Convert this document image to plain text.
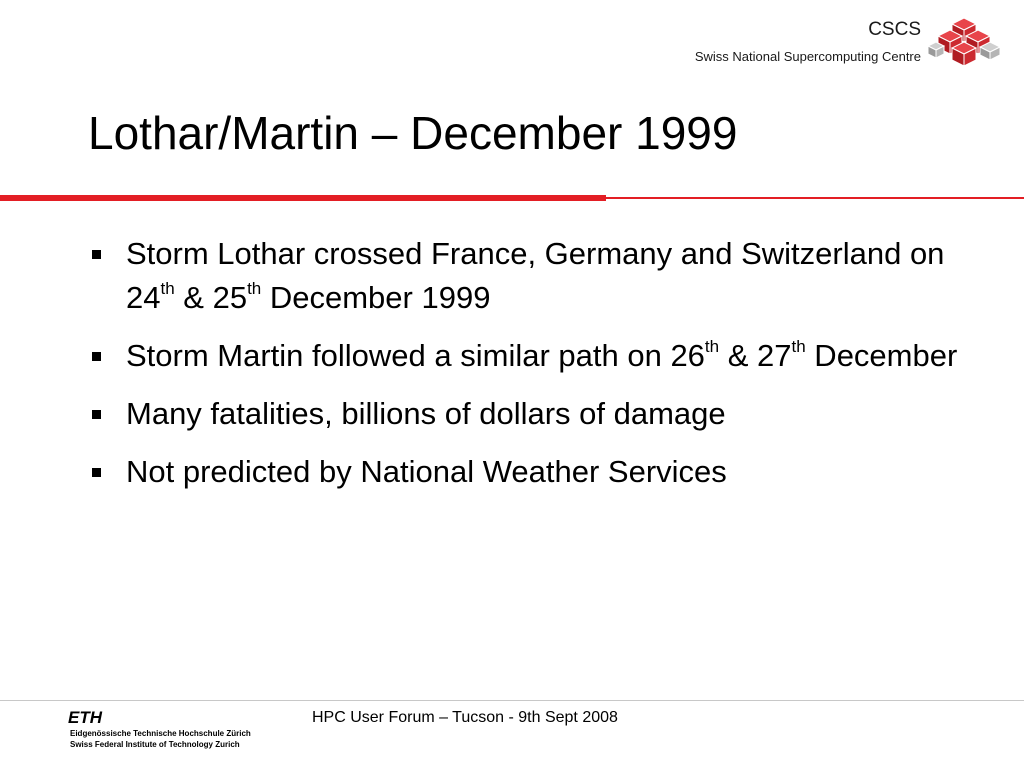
CSCS
Swiss National Supercomputing Centre
Lothar/Martin – December 1999
Storm Lothar crossed France, Germany and Switzerland on 24th & 25th December 1999
Storm Martin followed a similar path on 26th & 27th December
Many fatalities, billions of dollars of damage
Not predicted by National Weather Services
ETH
Eidgenössische Technische Hochschule Zürich
Swiss Federal Institute of Technology Zurich
HPC User Forum – Tucson - 9th Sept 2008
